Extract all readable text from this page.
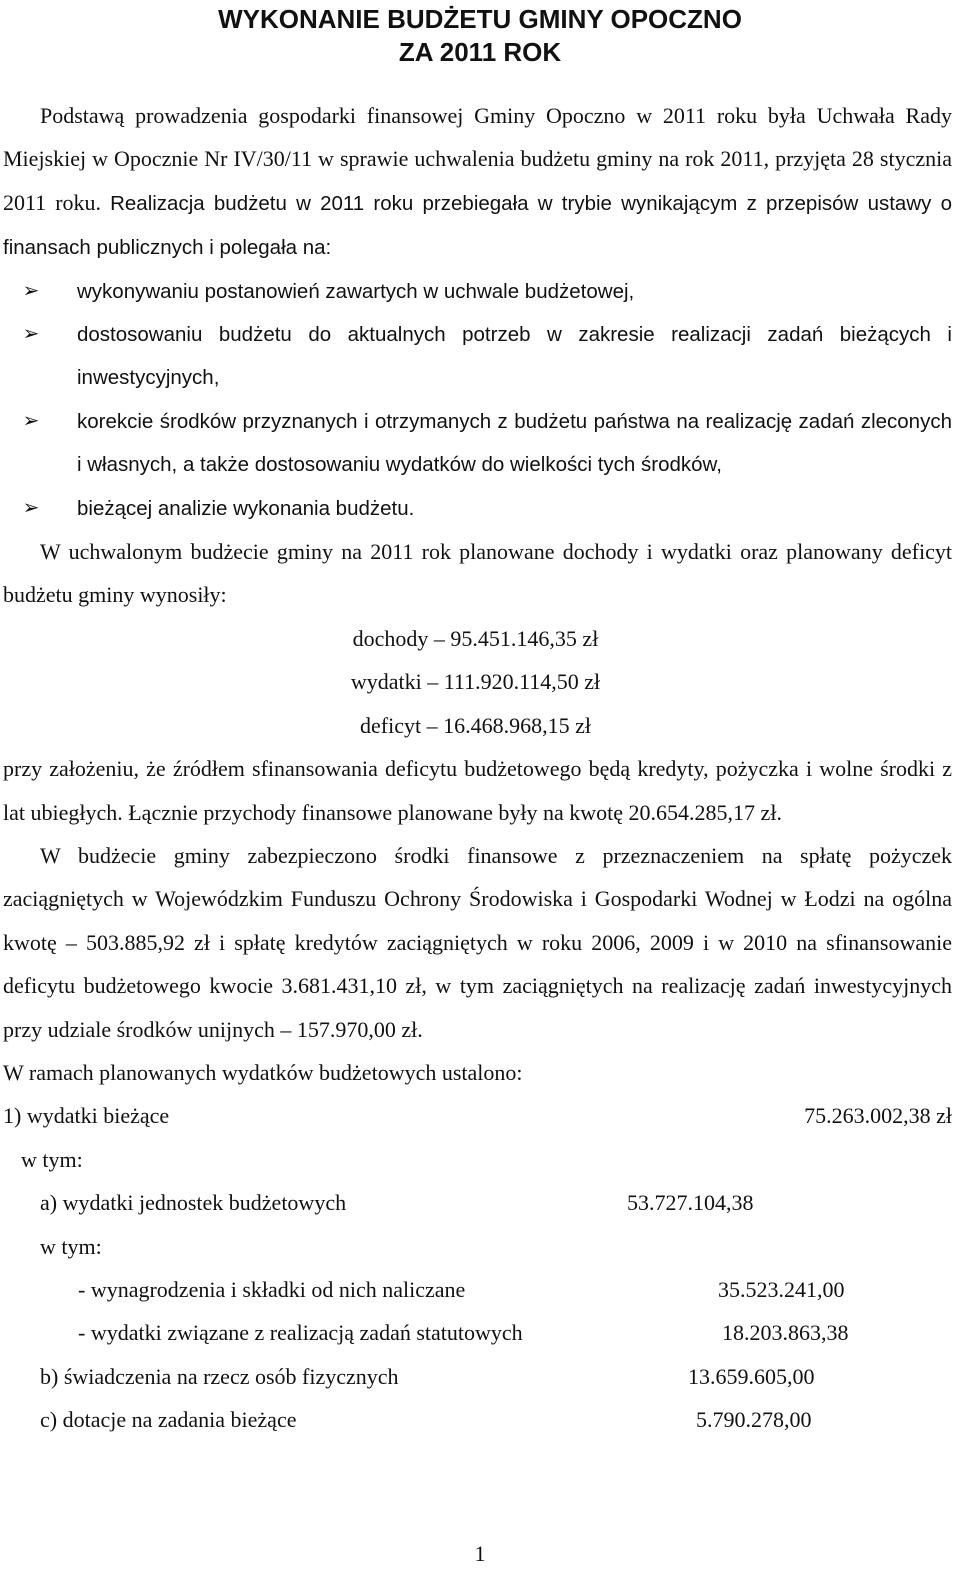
WYKONANIE BUDŻETU GMINY OPOCZNO
ZA 2011 ROK

Podstawą prowadzenia gospodarki finansowej Gminy Opoczno w 2011 roku była Uchwała Rady Miejskiej w Opocznie Nr IV/30/11 w sprawie uchwalenia budżetu gminy na rok 2011, przyjęta 28 stycznia 2011 roku. Realizacja budżetu w 2011 roku przebiegała w trybie wynikającym z przepisów ustawy o finansach publicznych i polegała na:

➢ wykonywaniu postanowień zawartych w uchwale budżetowej,
➢ dostosowaniu budżetu do aktualnych potrzeb w zakresie realizacji zadań bieżących i inwestycyjnych,
➢ korekcie środków przyznanych i otrzymanych z budżetu państwa na realizację zadań zleconych i własnych, a także dostosowaniu wydatków do wielkości tych środków,
➢ bieżącej analizie wykonania budżetu.

W uchwalonym budżecie gminy na 2011 rok planowane dochody i wydatki oraz planowany deficyt budżetu gminy wynosiły:

dochody – 95.451.146,35 zł
wydatki – 111.920.114,50 zł
deficyt – 16.468.968,15 zł

przy założeniu, że źródłem sfinansowania deficytu budżetowego będą kredyty, pożyczka i wolne środki z lat ubiegłych. Łącznie przychody finansowe planowane były na kwotę 20.654.285,17 zł.

W budżecie gminy zabezpieczono środki finansowe z przeznaczeniem na spłatę pożyczek zaciągniętych w Wojewódzkim Funduszu Ochrony Środowiska i Gospodarki Wodnej w Łodzi na ogólna kwotę – 503.885,92 zł i spłatę kredytów zaciągniętych w roku 2006, 2009 i w 2010 na sfinansowanie deficytu budżetowego kwocie 3.681.431,10 zł, w tym zaciągniętych na realizację zadań inwestycyjnych przy udziale środków unijnych – 157.970,00 zł.

W ramach planowanych wydatków budżetowych ustalono:

1) wydatki bieżące	75.263.002,38 zł
w tym:
a) wydatki jednostek budżetowych	53.727.104,38
w tym:
- wynagrodzenia i składki od nich naliczane	35.523.241,00
- wydatki związane z realizacją zadań statutowych	18.203.863,38
b) świadczenia na rzecz osób fizycznych	13.659.605,00
c) dotacje na zadania bieżące	5.790.278,00
1
